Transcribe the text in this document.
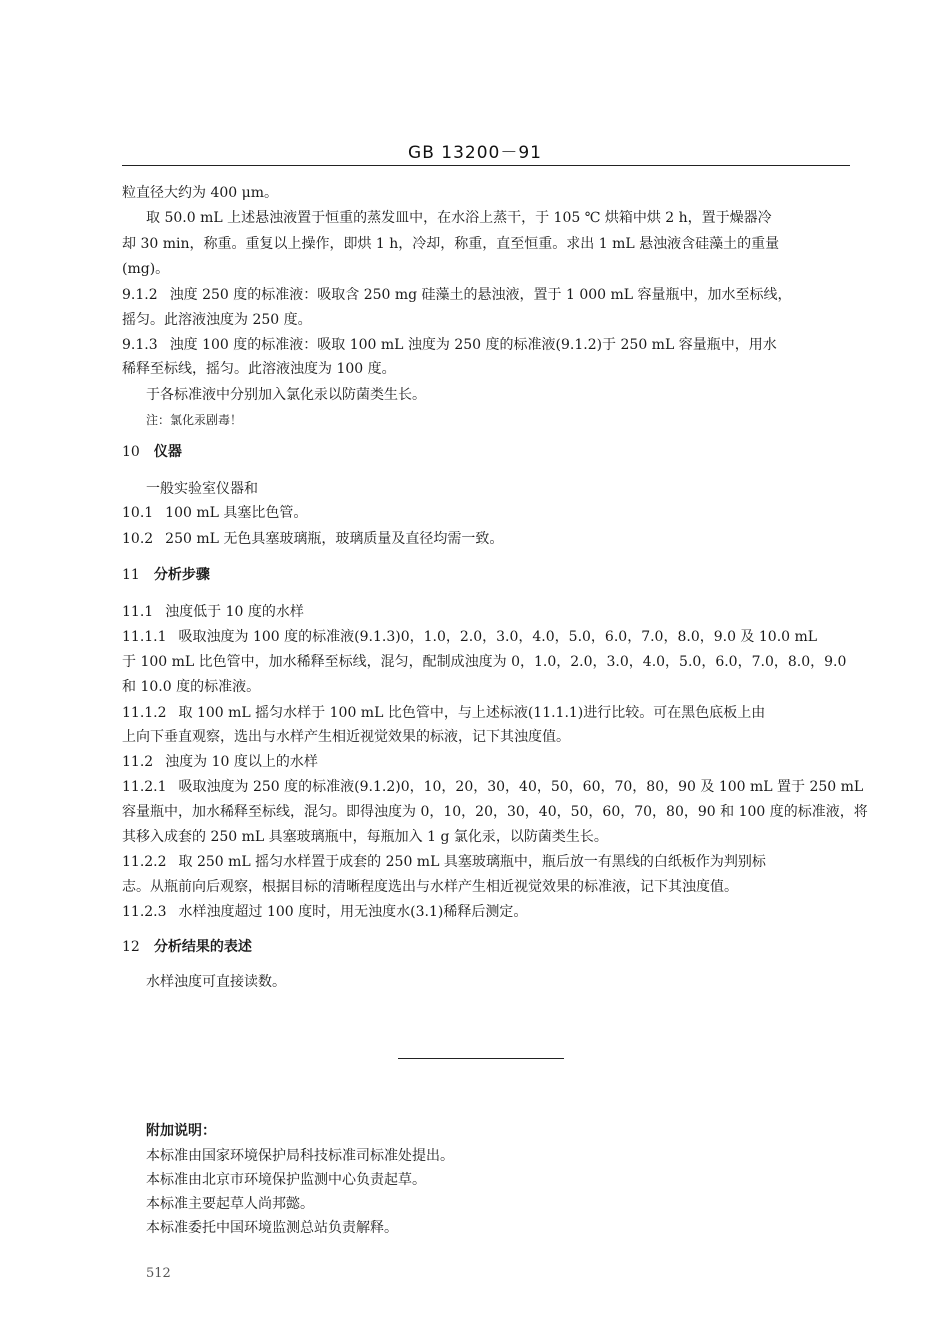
GB 13200－91
粒直径大约为 400 μm。
取 50.0 mL 上述悬浊液置于恒重的蒸发皿中，在水浴上蒸干，于 105 ℃ 烘箱中烘 2 h，置于燥器冷
却 30 min，称重。重复以上操作，即烘 1 h，冷却，称重，直至恒重。求出 1 mL 悬浊液含硅藻土的重量
(mg)。
9.1.2 浊度 250 度的标准液：吸取含 250 mg 硅藻土的悬浊液，置于 1 000 mL 容量瓶中，加水至标线，
摇匀。此溶液浊度为 250 度。
9.1.3 浊度 100 度的标准液：吸取 100 mL 浊度为 250 度的标准液(9.1.2)于 250 mL 容量瓶中，用水
稀释至标线，摇匀。此溶液浊度为 100 度。
于各标准液中分别加入氯化汞以防菌类生长。
注：氯化汞剧毒！
10 仪器
一般实验室仪器和
10.1 100 mL 具塞比色管。
10.2 250 mL 无色具塞玻璃瓶，玻璃质量及直径均需一致。
11 分析步骤
11.1 浊度低于 10 度的水样
11.1.1 吸取浊度为 100 度的标准液(9.1.3)0，1.0，2.0，3.0，4.0，5.0，6.0，7.0，8.0，9.0 及 10.0 mL
于 100 mL 比色管中，加水稀释至标线，混匀，配制成浊度为 0，1.0，2.0，3.0，4.0，5.0，6.0，7.0，8.0，9.0
和 10.0 度的标准液。
11.1.2 取 100 mL 摇匀水样于 100 mL 比色管中，与上述标液(11.1.1)进行比较。可在黑色底板上由
上向下垂直观察，选出与水样产生相近视觉效果的标液，记下其浊度值。
11.2 浊度为 10 度以上的水样
11.2.1 吸取浊度为 250 度的标准液(9.1.2)0，10，20，30，40，50，60，70，80，90 及 100 mL 置于 250 mL
容量瓶中，加水稀释至标线，混匀。即得浊度为 0，10，20，30，40，50，60，70，80，90 和 100 度的标准液，将
其移入成套的 250 mL 具塞玻璃瓶中，每瓶加入 1 g 氯化汞，以防菌类生长。
11.2.2 取 250 mL 摇匀水样置于成套的 250 mL 具塞玻璃瓶中，瓶后放一有黑线的白纸板作为判别标
志。从瓶前向后观察，根据目标的清晰程度选出与水样产生相近视觉效果的标准液，记下其浊度值。
11.2.3 水样浊度超过 100 度时，用无浊度水(3.1)稀释后测定。
12 分析结果的表述
水样浊度可直接读数。
附加说明：
本标准由国家环境保护局科技标准司标准处提出。
本标准由北京市环境保护监测中心负责起草。
本标准主要起草人尚邦懿。
本标准委托中国环境监测总站负责解释。
512
